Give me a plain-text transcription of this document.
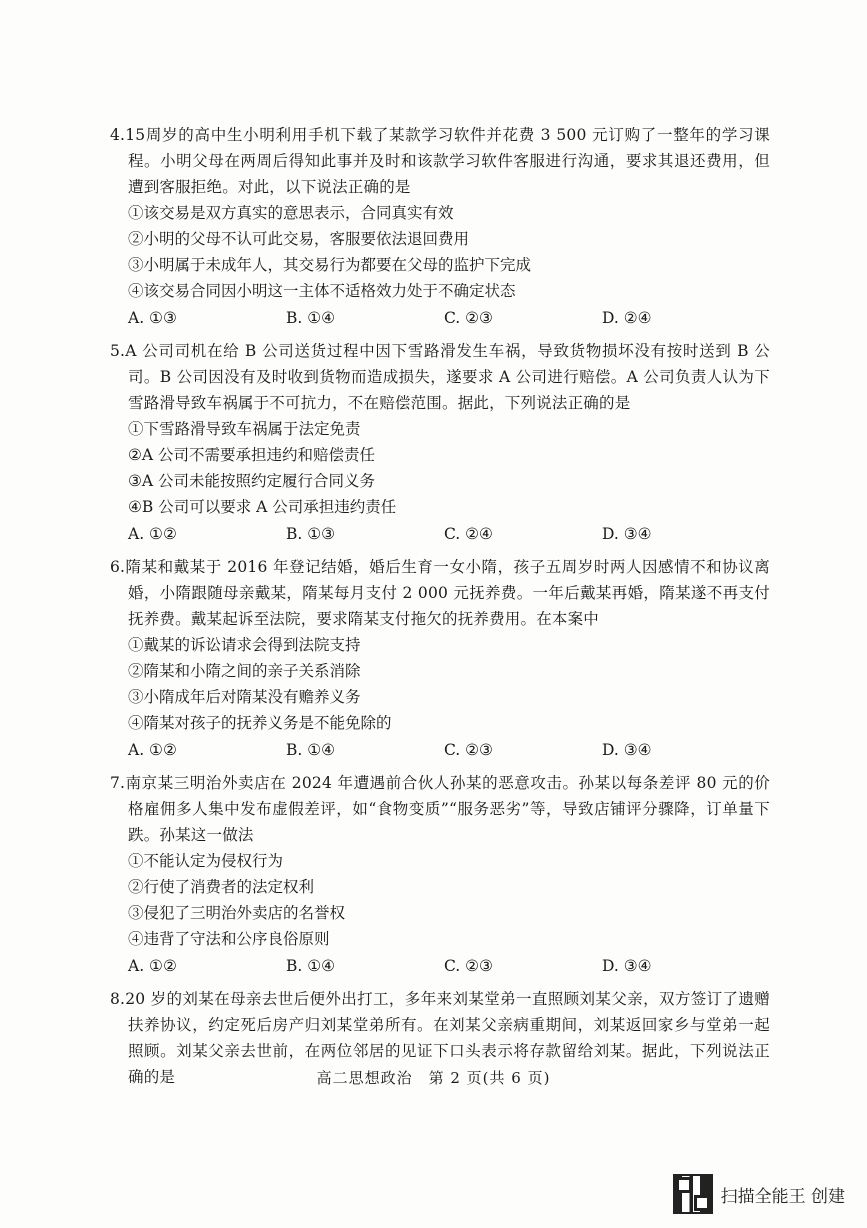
4.15周岁的高中生小明利用手机下载了某款学习软件并花费 3 500 元订购了一整年的学习课程。小明父母在两周后得知此事并及时和该款学习软件客服进行沟通，要求其退还费用，但遭到客服拒绝。对此，以下说法正确的是

①该交易是双方真实的意思表示，合同真实有效

②小明的父母不认可此交易，客服要依法退回费用

③小明属于未成年人，其交易行为都要在父母的监护下完成

④该交易合同因小明这一主体不适格效力处于不确定状态

A. ①③	B. ①④	C. ②③	D. ②④

5.A 公司司机在给 B 公司送货过程中因下雪路滑发生车祸，导致货物损坏没有按时送到 B 公司。B 公司因没有及时收到货物而造成损失，遂要求 A 公司进行赔偿。A 公司负责人认为下雪路滑导致车祸属于不可抗力，不在赔偿范围。据此，下列说法正确的是

①下雪路滑导致车祸属于法定免责

②A 公司不需要承担违约和赔偿责任

③A 公司未能按照约定履行合同义务

④B 公司可以要求 A 公司承担违约责任

A. ①②	B. ①③	C. ②④	D. ③④

6.隋某和戴某于 2016 年登记结婚，婚后生育一女小隋，孩子五周岁时两人因感情不和协议离婚，小隋跟随母亲戴某，隋某每月支付 2 000 元抚养费。一年后戴某再婚，隋某遂不再支付抚养费。戴某起诉至法院，要求隋某支付拖欠的抚养费用。在本案中

①戴某的诉讼请求会得到法院支持

②隋某和小隋之间的亲子关系消除

③小隋成年后对隋某没有赡养义务

④隋某对孩子的抚养义务是不能免除的

A. ①②	B. ①④	C. ②③	D. ③④

7.南京某三明治外卖店在 2024 年遭遇前合伙人孙某的恶意攻击。孙某以每条差评 80 元的价格雇佣多人集中发布虚假差评，如“食物变质”“服务恶劣”等，导致店铺评分骤降，订单量下跌。孙某这一做法

①不能认定为侵权行为

②行使了消费者的法定权利

③侵犯了三明治外卖店的名誉权

④违背了守法和公序良俗原则

A. ①②	B. ①④	C. ②③	D. ③④

8.20 岁的刘某在母亲去世后便外出打工，多年来刘某堂弟一直照顾刘某父亲，双方签订了遗赠扶养协议，约定死后房产归刘某堂弟所有。在刘某父亲病重期间，刘某返回家乡与堂弟一起照顾。刘某父亲去世前，在两位邻居的见证下口头表示将存款留给刘某。据此，下列说法正确的是	高二思想政治　第 2 页(共 6 页)
扫描全能王 创建
